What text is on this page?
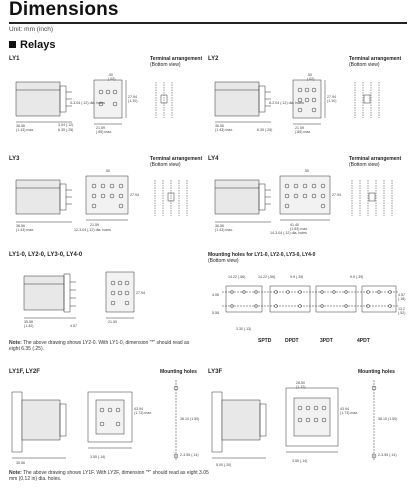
Dimensions
Unit: mm (inch)
Relays
LY1	LY2
LY3	LY4
LY1-0, LY2-0, LY3-0, LY4-0
LY1F, LY2F	LY3F
Terminal arrangement
(Bottom view)
Terminal arrangement
(Bottom view)
Terminal arrangement
(Bottom view)
Terminal arrangement
(Bottom view)
Mounting holes for LY1-0, LY2-0, LY3-0, LY4-0
(Bottom view)
Mounting holes	Mounting holes
Note: The above drawing shows LY2-0. With LY1-0, dimension "*" should read as eight 6.35 (.25).
Note: The above drawing shows LY1F. With LY2F, dimension "*" should read as eight 3.05 mm (0.12 in) dia. holes.
SPTD	DPDT	3PDT	4PDT
.50
(.02)
27.94
(1.10)
36.56
(1.43) max.	21.59
(.85) max.
6.35 (.25)
3.04 (.12)
5-3.04 (.12) dia. holes
.50
(.02)
27.94
(1.10)
36.56
(1.43) max.	21.59
(.85) max.
6.35 (.25)
8-2.04 (.12) dia. holes
.50
27.94
36.56
(1.43) max.
21.59
12-3.04 (.12) dia. holes
.50
27.94
36.56
(1.43) max.
41.40
(1.63) max.
14-3.04 (.12) dia. holes
35.56
(1.40)
21.59
4.57
27.94
14.22 (.56)	14.22 (.56)	9.9 (.39)	9.9 (.39)
4.06
5.58
3.30 (.13)
4.57
(.18)
13.2
(.52)
43.94
(1.73) max.
38.10 (1.50)
2-3.55 (.14)
3.55 (.14)
35.56
28.50
(1.12)
43.94
(1.73) max.
38.10 (1.50)
2-3.55 (.14)
3.55 (.14)
5.00 (.20)
